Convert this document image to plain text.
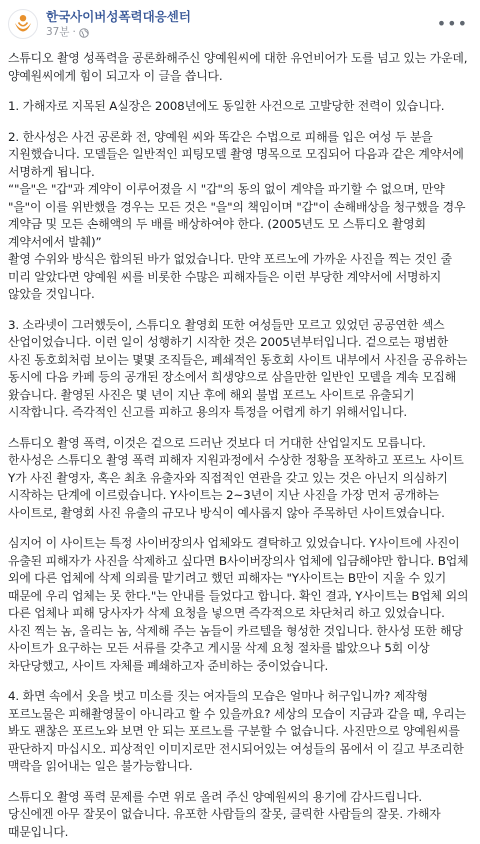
한국사이버성폭력대응센터
37분 ·	•••

스튜디오 촬영 성폭력을 공론화해주신 양예원씨에 대한 유언비어가 도를 넘고 있는 가운데, 양예원씨에게 힘이 되고자 이 글을 씁니다.

1. 가해자로 지목된 A실장은 2008년에도 동일한 사건으로 고발당한 전력이 있습니다.

2. 한사성은 사건 공론화 전, 양예원 씨와 똑같은 수법으로 피해를 입은 여성 두 분을 지원했습니다. 모델들은 일반적인 피팅모델 촬영 명목으로 모집되어 다음과 같은 계약서에 서명하게 됩니다.

“"을"은 "갑"과 계약이 이루어졌을 시 "갑"의 동의 없이 계약을 파기할 수 없으며, 만약 "을"이 이를 위반했을 경우는 모든 것은 "을"의 책임이며 "갑"이 손해배상을 청구했을 경우 계약금 및 모든 손해액의 두 배를 배상하여야 한다. (2005년도 모 스튜디오 촬영회 계약서에서 발췌)”

촬영 수위와 방식은 합의된 바가 없었습니다. 만약 포르노에 가까운 사진을 찍는 것인 줄 미리 알았다면 양예원 씨를 비롯한 수많은 피해자들은 이런 부당한 계약서에 서명하지 않았을 것입니다.

3. 소라넷이 그러했듯이, 스튜디오 촬영회 또한 여성들만 모르고 있었던 공공연한 섹스 산업이었습니다. 이런 일이 성행하기 시작한 것은 2005년부터입니다. 겉으로는 평범한 사진 동호회처럼 보이는 몇몇 조직들은, 폐쇄적인 동호회 사이트 내부에서 사진을 공유하는 동시에 다음 카페 등의 공개된 장소에서 희생양으로 삼을만한 일반인 모델을 계속 모집해 왔습니다. 촬영된 사진은 몇 년이 지난 후에 해외 불법 포르노 사이트로 유출되기 시작합니다. 즉각적인 신고를 피하고 용의자 특정을 어렵게 하기 위해서입니다.

스튜디오 촬영 폭력, 이것은 겉으로 드러난 것보다 더 거대한 산업일지도 모릅니다. 한사성은 스튜디오 촬영 폭력 피해자 지원과정에서 수상한 정황을 포착하고 포르노 사이트 Y가 사진 촬영자, 혹은 최초 유출자와 직접적인 연관을 갖고 있는 것은 아닌지 의심하기 시작하는 단계에 이르렀습니다. Y사이트는 2~3년이 지난 사진을 가장 먼저 공개하는 사이트로, 촬영회 사진 유출의 규모나 방식이 예사롭지 않아 주목하던 사이트였습니다.

심지어 이 사이트는 특정 사이버장의사 업체와도 결탁하고 있었습니다. Y사이트에 사진이 유출된 피해자가 사진을 삭제하고 싶다면 B사이버장의사 업체에 입금해야만 합니다. B업체 외에 다른 업체에 삭제 의뢰를 맡기려고 했던 피해자는 "Y사이트는 B만이 지울 수 있기 때문에 우리 업체는 못 한다."는 안내를 들었다고 합니다. 확인 결과, Y사이트는 B업체 외의 다른 업체나 피해 당사자가 삭제 요청을 넣으면 즉각적으로 차단처리 하고 있었습니다. 사진 찍는 놈, 올리는 놈, 삭제해 주는 놈들이 카르텔을 형성한 것입니다. 한사성 또한 해당 사이트가 요구하는 모든 서류를 갖추고 게시물 삭제 요청 절차를 밟았으나 5회 이상 차단당했고, 사이트 자체를 폐쇄하고자 준비하는 중이었습니다.

4. 화면 속에서 옷을 벗고 미소를 짓는 여자들의 모습은 얼마나 허구입니까? 제작형 포르노물은 피해촬영물이 아니라고 할 수 있을까요? 세상의 모습이 지금과 같을 때, 우리는 봐도 괜찮은 포르노와 보면 안 되는 포르노를 구분할 수 없습니다. 사진만으로 양예원씨를 판단하지 마십시오. 피상적인 이미지로만 전시되어있는 여성들의 몸에서 이 길고 부조리한 맥락을 읽어내는 일은 불가능합니다.

스튜디오 촬영 폭력 문제를 수면 위로 올려 주신 양예원씨의 용기에 감사드립니다. 당신에겐 아무 잘못이 없습니다. 유포한 사람들의 잘못, 클릭한 사람들의 잘못. 가해자 때문입니다.
